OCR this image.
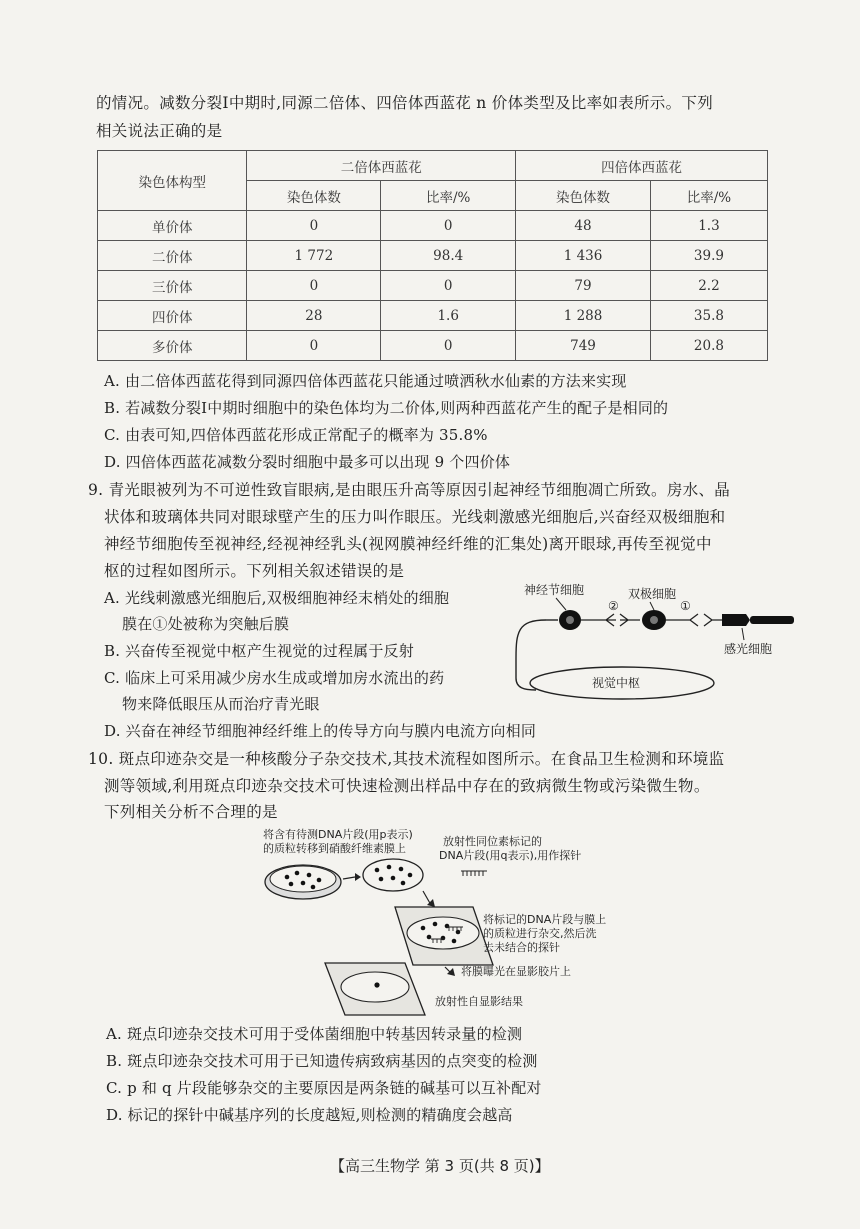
的情况。减数分裂Ⅰ中期时,同源二倍体、四倍体西蓝花 n 价体类型及比率如表所示。下列
相关说法正确的是
染色体构型	二倍体西蓝花		四倍体西蓝花	
	染色体数	比率/%	染色体数	比率/%
单价体	0	0	48	1.3
二价体	1 772	98.4	1 436	39.9
三价体	0	0	79	2.2
四价体	28	1.6	1 288	35.8
多价体	0	0	749	20.8
A. 由二倍体西蓝花得到同源四倍体西蓝花只能通过喷洒秋水仙素的方法来实现
B. 若减数分裂Ⅰ中期时细胞中的染色体均为二价体,则两种西蓝花产生的配子是相同的
C. 由表可知,四倍体西蓝花形成正常配子的概率为 35.8%
D. 四倍体西蓝花减数分裂时细胞中最多可以出现 9 个四价体
9. 青光眼被列为不可逆性致盲眼病,是由眼压升高等原因引起神经节细胞凋亡所致。房水、晶
状体和玻璃体共同对眼球壁产生的压力叫作眼压。光线刺激感光细胞后,兴奋经双极细胞和
神经节细胞传至视神经,经视神经乳头(视网膜神经纤维的汇集处)离开眼球,再传至视觉中
枢的过程如图所示。下列相关叙述错误的是
A. 光线刺激感光细胞后,双极细胞神经末梢处的细胞
膜在①处被称为突触后膜
B. 兴奋传至视觉中枢产生视觉的过程属于反射
C. 临床上可采用减少房水生成或增加房水流出的药
物来降低眼压从而治疗青光眼
D. 兴奋在神经节细胞神经纤维上的传导方向与膜内电流方向相同
神经节细胞	双极细胞
②	①
感光细胞
视觉中枢
10. 斑点印迹杂交是一种核酸分子杂交技术,其技术流程如图所示。在食品卫生检测和环境监
测等领域,利用斑点印迹杂交技术可快速检测出样品中存在的致病微生物或污染微生物。
下列相关分析不合理的是
将含有待测DNA片段(用p表示)
的质粒转移到硝酸纤维素膜上
放射性同位素标记的
DNA片段(用q表示),用作探针
将标记的DNA片段与膜上
的质粒进行杂交,然后洗
去未结合的探针
将膜曝光在显影胶片上
放射性自显影结果
A. 斑点印迹杂交技术可用于受体菌细胞中转基因转录量的检测
B. 斑点印迹杂交技术可用于已知遗传病致病基因的点突变的检测
C. p 和 q 片段能够杂交的主要原因是两条链的碱基可以互补配对
D. 标记的探针中碱基序列的长度越短,则检测的精确度会越高
【高三生物学 第 3 页(共 8 页)】
